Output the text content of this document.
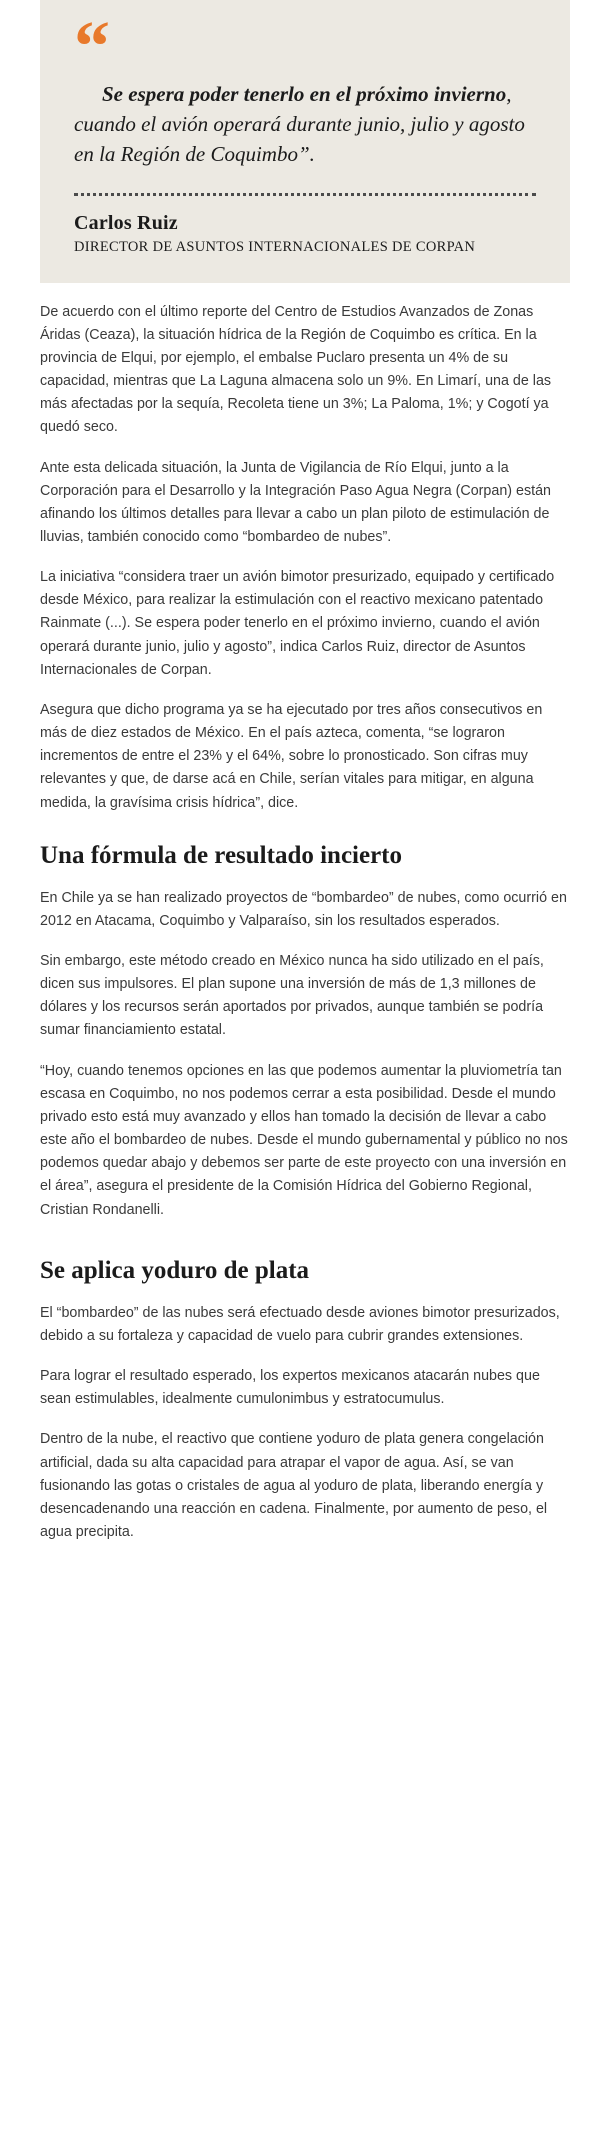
“

Se espera poder tenerlo en el próximo invierno, cuando el avión operará durante junio, julio y agosto en la Región de Coquimbo”.

Carlos Ruiz

DIRECTOR DE ASUNTOS INTERNACIONALES DE CORPAN

De acuerdo con el último reporte del Centro de Estudios Avanzados de Zonas Áridas (Ceaza), la situación hídrica de la Región de Coquimbo es crítica. En la provincia de Elqui, por ejemplo, el embalse Puclaro presenta un 4% de su capacidad, mientras que La Laguna almacena solo un 9%. En Limarí, una de las más afectadas por la sequía, Recoleta tiene un 3%; La Paloma, 1%; y Cogotí ya quedó seco.

Ante esta delicada situación, la Junta de Vigilancia de Río Elqui, junto a la Corporación para el Desarrollo y la Integración Paso Agua Negra (Corpan) están afinando los últimos detalles para llevar a cabo un plan piloto de estimulación de lluvias, también conocido como “bombardeo de nubes”.

La iniciativa “considera traer un avión bimotor presurizado, equipado y certificado desde México, para realizar la estimulación con el reactivo mexicano patentado Rainmate (...). Se espera poder tenerlo en el próximo invierno, cuando el avión operará durante junio, julio y agosto”, indica Carlos Ruiz, director de Asuntos Internacionales de Corpan.

Asegura que dicho programa ya se ha ejecutado por tres años consecutivos en más de diez estados de México. En el país azteca, comenta, “se lograron incrementos de entre el 23% y el 64%, sobre lo pronosticado. Son cifras muy relevantes y que, de darse acá en Chile, serían vitales para mitigar, en alguna medida, la gravísima crisis hídrica”, dice.

Una fórmula de resultado incierto

En Chile ya se han realizado proyectos de “bombardeo” de nubes, como ocurrió en 2012 en Atacama, Coquimbo y Valparaíso, sin los resultados esperados.

Sin embargo, este método creado en México nunca ha sido utilizado en el país, dicen sus impulsores. El plan supone una inversión de más de 1,3 millones de dólares y los recursos serán aportados por privados, aunque también se podría sumar financiamiento estatal.

“Hoy, cuando tenemos opciones en las que podemos aumentar la pluviometría tan escasa en Coquimbo, no nos podemos cerrar a esta posibilidad. Desde el mundo privado esto está muy avanzado y ellos han tomado la decisión de llevar a cabo este año el bombardeo de nubes. Desde el mundo gubernamental y público no nos podemos quedar abajo y debemos ser parte de este proyecto con una inversión en el área”, asegura el presidente de la Comisión Hídrica del Gobierno Regional, Cristian Rondanelli.

Se aplica yoduro de plata

El “bombardeo” de las nubes será efectuado desde aviones bimotor presurizados, debido a su fortaleza y capacidad de vuelo para cubrir grandes extensiones.

Para lograr el resultado esperado, los expertos mexicanos atacarán nubes que sean estimulables, idealmente cumulonimbus y estratocumulus.

Dentro de la nube, el reactivo que contiene yoduro de plata genera congelación artificial, dada su alta capacidad para atrapar el vapor de agua. Así, se van fusionando las gotas o cristales de agua al yoduro de plata, liberando energía y desencadenando una reacción en cadena. Finalmente, por aumento de peso, el agua precipita.
